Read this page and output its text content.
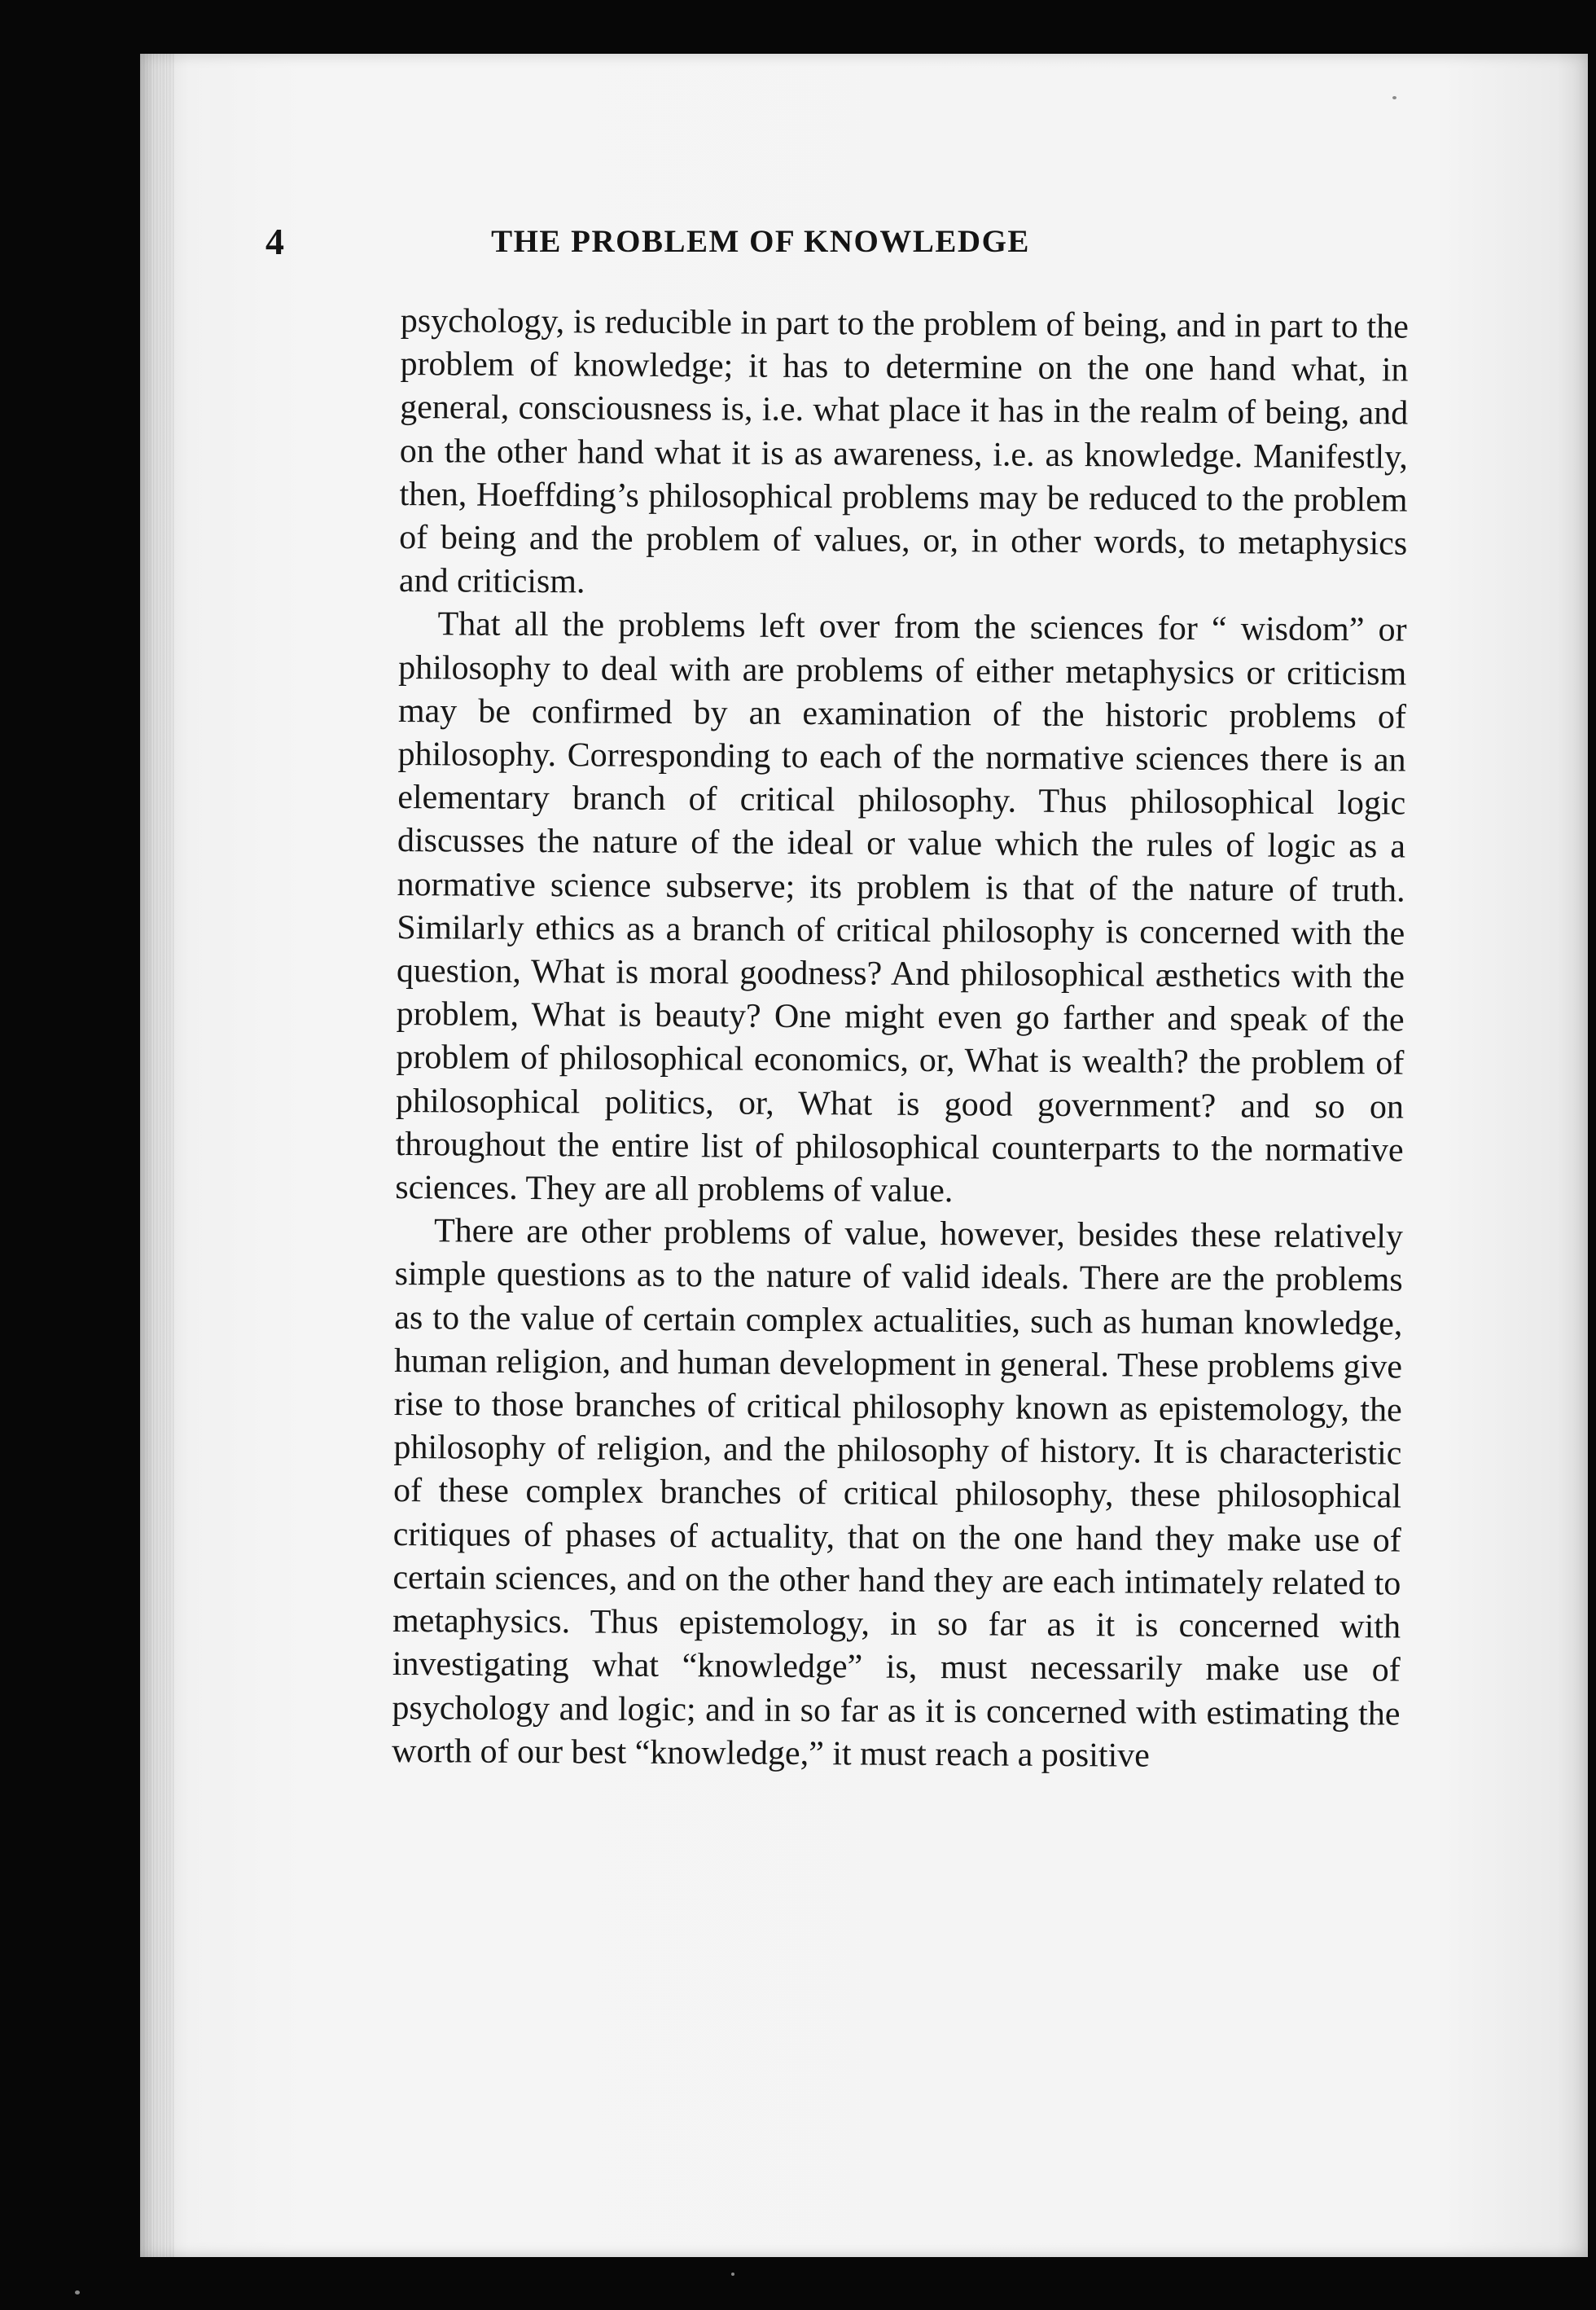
4	THE PROBLEM OF KNOWLEDGE

psychology, is reducible in part to the problem of being, and in part to the problem of knowledge; it has to determine on the one hand what, in general, consciousness is, i.e. what place it has in the realm of being, and on the other hand what it is as awareness, i.e. as knowledge. Manifestly, then, Hoeffding’s philosophical problems may be reduced to the problem of being and the problem of values, or, in other words, to metaphysics and criticism.

That all the problems left over from the sciences for “ wisdom” or philosophy to deal with are problems of either metaphysics or criticism may be confirmed by an examination of the historic problems of philosophy. Corresponding to each of the normative sciences there is an elementary branch of critical philosophy. Thus philosophical logic discusses the nature of the ideal or value which the rules of logic as a normative science subserve; its problem is that of the nature of truth. Similarly ethics as a branch of critical philosophy is concerned with the question, What is moral goodness? And philosophical æsthetics with the problem, What is beauty? One might even go farther and speak of the problem of philosophical economics, or, What is wealth? the problem of philosophical politics, or, What is good government? and so on throughout the entire list of philosophical counterparts to the normative sciences. They are all problems of value.

There are other problems of value, however, besides these relatively simple questions as to the nature of valid ideals. There are the problems as to the value of certain complex actualities, such as human knowledge, human religion, and human development in general. These problems give rise to those branches of critical philosophy known as epistemology, the philosophy of religion, and the philosophy of history. It is characteristic of these complex branches of critical philosophy, these philosophical critiques of phases of actuality, that on the one hand they make use of certain sciences, and on the other hand they are each intimately related to metaphysics. Thus epistemology, in so far as it is concerned with investigating what “knowledge” is, must necessarily make use of psychology and logic; and in so far as it is concerned with estimating the worth of our best “knowledge,” it must reach a positive
